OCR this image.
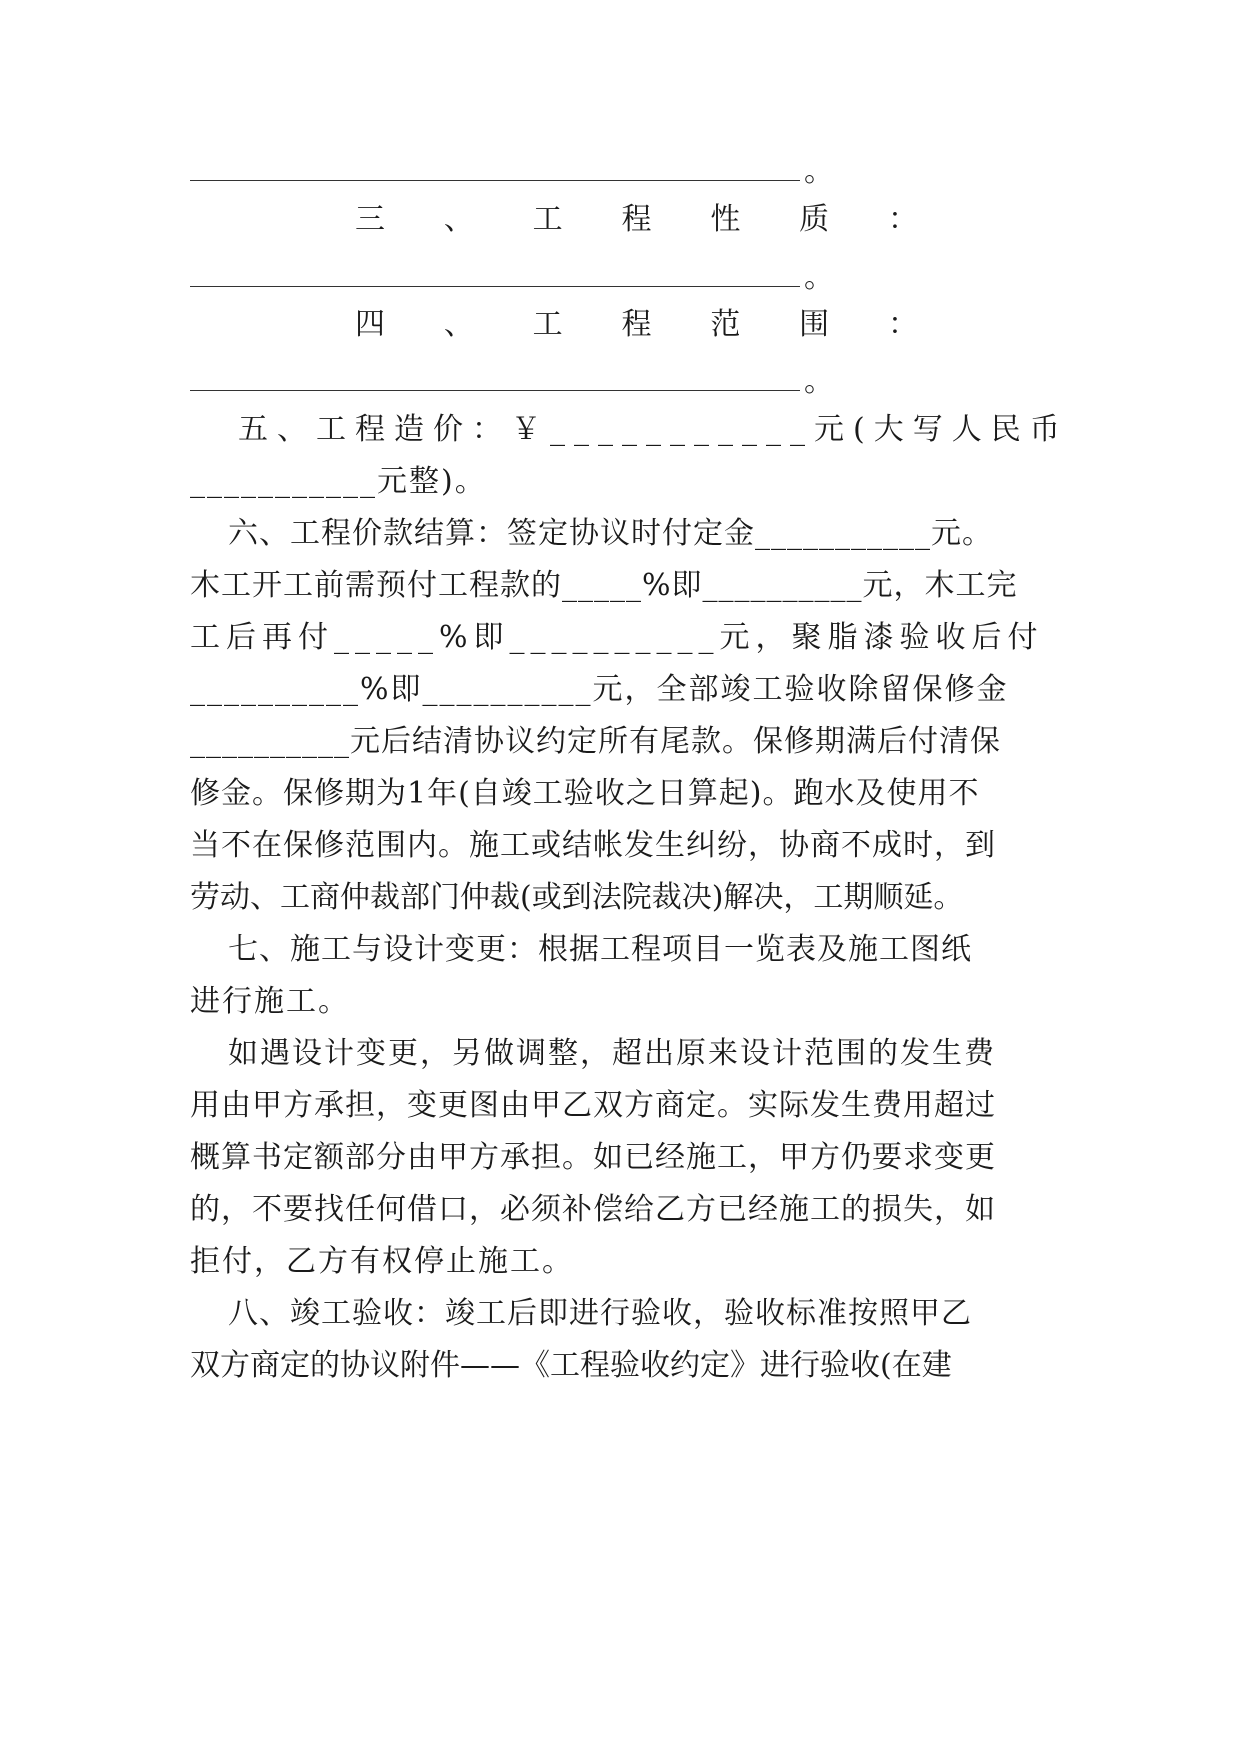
。
三 、 工 程 性 质 ：
。
四 、 工 程 范 围 ：
。
五、工程造价：￥___________元(大写人民币
___________元整)。
六、工程价款结算：签定协议时付定金___________元。
木工开工前需预付工程款的_____%即__________元，木工完
工后再付_____%即__________元，聚脂漆验收后付
__________%即__________元，全部竣工验收除留保修金
__________元后结清协议约定所有尾款。保修期满后付清保
修金。保修期为1年(自竣工验收之日算起)。跑水及使用不
当不在保修范围内。施工或结帐发生纠纷，协商不成时，到
劳动、工商仲裁部门仲裁(或到法院裁决)解决，工期顺延。
七、施工与设计变更：根据工程项目一览表及施工图纸
进行施工。
如遇设计变更，另做调整，超出原来设计范围的发生费
用由甲方承担，变更图由甲乙双方商定。实际发生费用超过
概算书定额部分由甲方承担。如已经施工，甲方仍要求变更
的，不要找任何借口，必须补偿给乙方已经施工的损失，如
拒付，乙方有权停止施工。
八、竣工验收：竣工后即进行验收，验收标准按照甲乙
双方商定的协议附件——《工程验收约定》进行验收(在建
